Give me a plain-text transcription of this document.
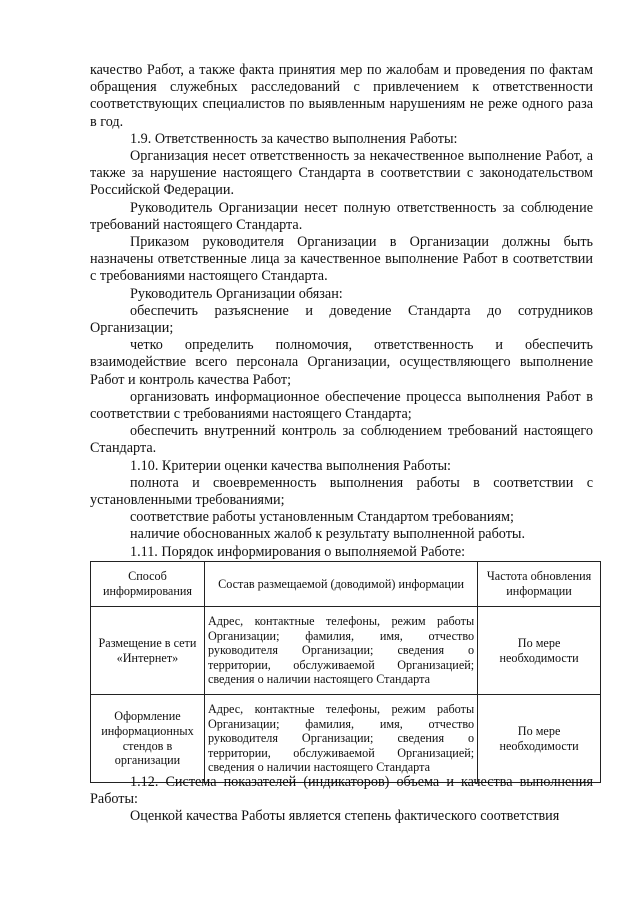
качество Работ, а также факта принятия мер по жалобам и проведения по фактам обращения служебных расследований с привлечением к ответственности соответствующих специалистов по выявленным нарушениям не реже одного раза в год.

1.9. Ответственность за качество выполнения Работы:

Организация несет ответственность за некачественное выполнение Работ, а также за нарушение настоящего Стандарта в соответствии с законодательством Российской Федерации.

Руководитель Организации несет полную ответственность за соблюдение требований настоящего Стандарта.

Приказом руководителя Организации в Организации должны быть назначены ответственные лица за качественное выполнение Работ в соответствии с требованиями настоящего Стандарта.

Руководитель Организации обязан:

обеспечить разъяснение и доведение Стандарта до сотрудников Организации;

четко определить полномочия, ответственность и обеспечить взаимодействие всего персонала Организации, осуществляющего выполнение Работ и контроль качества Работ;

организовать информационное обеспечение процесса выполнения Работ в соответствии с требованиями настоящего Стандарта;

обеспечить внутренний контроль за соблюдением требований настоящего Стандарта.

1.10. Критерии оценки качества выполнения Работы:

полнота и своевременность выполнения работы в соответствии с установленными требованиями;

соответствие работы установленным Стандартом требованиям;

наличие обоснованных жалоб к результату выполненной работы.

1.11. Порядок информирования о выполняемой Работе:

Способ информирования	Состав размещаемой (доводимой) информации	Частота обновления информации
Размещение в сети «Интернет»	Адрес, контактные телефоны, режим работы Организации; фамилия, имя, отчество руководителя Организации; сведения о территории, обслуживаемой Организацией; сведения о наличии настоящего Стандарта	По мере необходимости
Оформление информационных стендов в организации	Адрес, контактные телефоны, режим работы Организации; фамилия, имя, отчество руководителя Организации; сведения о территории, обслуживаемой Организацией; сведения о наличии настоящего Стандарта	По мере необходимости

1.12. Система показателей (индикаторов) объема и качества выполнения Работы:

Оценкой качества Работы является степень фактического соответствия
